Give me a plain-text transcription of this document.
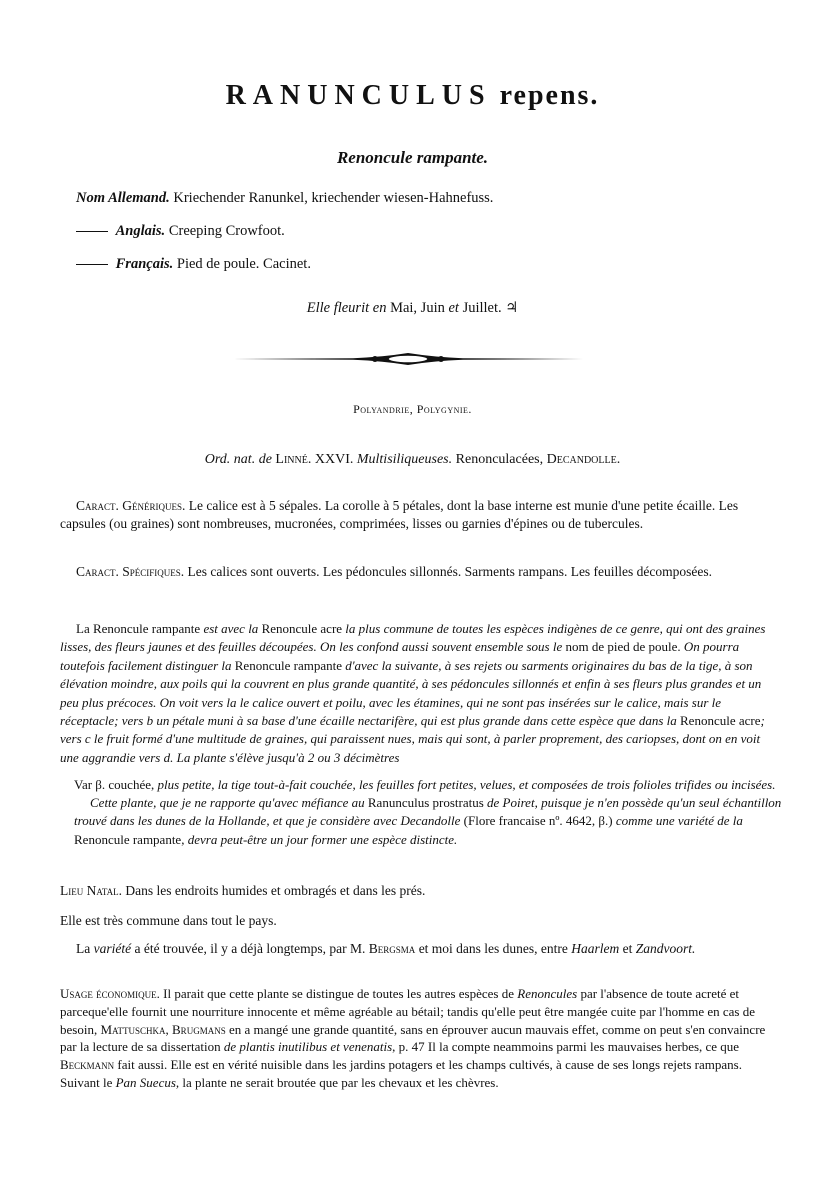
RANUNCULUS repens.
Renoncule rampante.
Nom Allemand. Kriechender Ranunkel, kriechender wiesen-Hahnefuss.
Anglais. Creeping Crowfoot.
Français. Pied de poule. Cacinet.
Elle fleurit en Mai, Juin et Juillet. ♃
Polyandrie, Polygynie.
Ord. nat. de Linné. XXVI. Multisiliqueuses. Renonculacées, Decandolle.

Caract. Génériques. Le calice est à 5 sépales. La corolle à 5 pétales, dont la base interne est munie d'une petite écaille. Les capsules (ou graines) sont nombreuses, mucronées, comprimées, lisses ou garnies d'épines ou de tubercules.

Caract. Spécifiques. Les calices sont ouverts. Les pédoncules sillonnés. Sarments rampans. Les feuilles décomposées.

La Renoncule rampante est avec la Renoncule acre la plus commune de toutes les espèces indigènes de ce genre, qui ont des graines lisses, des fleurs jaunes et des feuilles découpées. On les confond aussi souvent ensemble sous le nom de pied de poule. On pourra toutefois facilement distinguer la Renoncule rampante d'avec la suivante, à ses rejets ou sarments originaires du bas de la tige, à son élévation moindre, aux poils qui la couvrent en plus grande quantité, à ses pédoncules sillonnés et enfin à ses fleurs plus grandes et un peu plus précoces. On voit vers la le calice ouvert et poilu, avec les étamines, qui ne sont pas insérées sur le calice, mais sur le réceptacle; vers b un pétale muni à sa base d'une écaille nectarifère, qui est plus grande dans cette espèce que dans la Renoncule acre; vers c le fruit formé d'une multitude de graines, qui paraissent nues, mais qui sont, à parler proprement, des cariopses, dont on en voit une aggrandie vers d. La plante s'élève jusqu'à 2 ou 3 décimètres

Var β. couchée, plus petite, la tige tout-à-fait couchée, les feuilles fort petites, velues, et composées de trois folioles trifides ou incisées.

Cette plante, que je ne rapporte qu'avec méfiance au Ranunculus prostratus de Poiret, puisque je n'en possède qu'un seul échantillon trouvé dans les dunes de la Hollande, et que je considère avec Decandolle (Flore francaise nº. 4642, β.) comme une variété de la Renoncule rampante, devra peut-être un jour former une espèce distincte.

Lieu Natal. Dans les endroits humides et ombragés et dans les prés.

Elle est très commune dans tout le pays.

La variété a été trouvée, il y a déjà longtemps, par M. Bergsma et moi dans les dunes, entre Haarlem et Zandvoort.

Usage économique. Il parait que cette plante se distingue de toutes les autres espèces de Renoncules par l'absence de toute acreté et parceque'elle fournit une nourriture innocente et même agréable au bétail; tandis qu'elle peut être mangée cuite par l'homme en cas de besoin, Mattuschka, Brugmans en a mangé une grande quantité, sans en éprouver aucun mauvais effet, comme on peut s'en convaincre par la lecture de sa dissertation de plantis inutilibus et venenatis, p. 47 Il la compte neammoins parmi les mauvaises herbes, ce que Beckmann fait aussi. Elle est en vérité nuisible dans les jardins potagers et les champs cultivés, à cause de ses longs rejets rampans. Suivant le Pan Suecus, la plante ne serait broutée que par les chevaux et les chèvres.
